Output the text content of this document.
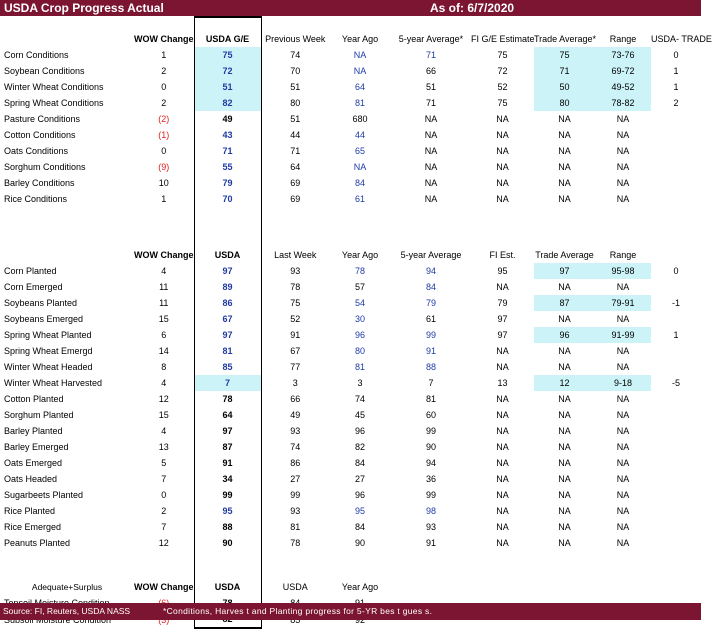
USDA Crop Progress Actual	As of: 6/7/2020
	WOW Change	USDA G/E	Previous Week	Year Ago	5-year Average*	FI G/E Estimate	Trade Average*	Range	USDA- TRADE
Corn Conditions	1	75	74	NA	71	75	75	73-76	0
Soybean Conditions	2	72	70	NA	66	72	71	69-72	1
Winter Wheat Conditions	0	51	51	64	51	52	50	49-52	1
Spring Wheat Conditions	2	82	80	81	71	75	80	78-82	2
Pasture Conditions	(2)	49	51	680	NA	NA	NA	NA	
Cotton Conditions	(1)	43	44	44	NA	NA	NA	NA	
Oats Conditions	0	71	71	65	NA	NA	NA	NA	
Sorghum Conditions	(9)	55	64	NA	NA	NA	NA	NA	
Barley Conditions	10	79	69	84	NA	NA	NA	NA	
Rice Conditions	1	70	69	61	NA	NA	NA	NA	

	WOW Change	USDA	Last Week	Year Ago	5-year Average	FI Est.	Trade Average	Range	
Corn Planted	4	97	93	78	94	95	97	95-98	0
Corn Emerged	11	89	78	57	84	NA	NA	NA	
Soybeans Planted	11	86	75	54	79	79	87	79-91	-1
Soybeans Emerged	15	67	52	30	61	97	NA	NA	
Spring Wheat Planted	6	97	91	96	99	97	96	91-99	1
Spring Wheat Emergd	14	81	67	80	91	NA	NA	NA	
Winter Wheat Headed	8	85	77	81	88	NA	NA	NA	
Winter Wheat Harvested	4	7	3	3	7	13	12	9-18	-5
Cotton Planted	12	78	66	74	81	NA	NA	NA	
Sorghum Planted	15	64	49	45	60	NA	NA	NA	
Barley Planted	4	97	93	96	99	NA	NA	NA	
Barley Emerged	13	87	74	82	90	NA	NA	NA	
Oats Emerged	5	91	86	84	94	NA	NA	NA	
Oats Headed	7	34	27	27	36	NA	NA	NA	
Sugarbeets Planted	0	99	99	96	99	NA	NA	NA	
Rice Planted	2	95	93	95	98	NA	NA	NA	
Rice Emerged	7	88	81	84	93	NA	NA	NA	
Peanuts Planted	12	90	78	90	91	NA	NA	NA	

Adequate+Surplus	WOW Change	USDA	USDA	Year Ago					

Source: FI, Reuters, USDA NASS	*Conditions, Harves t and Planting progress for 5-YR bes t gues s.
